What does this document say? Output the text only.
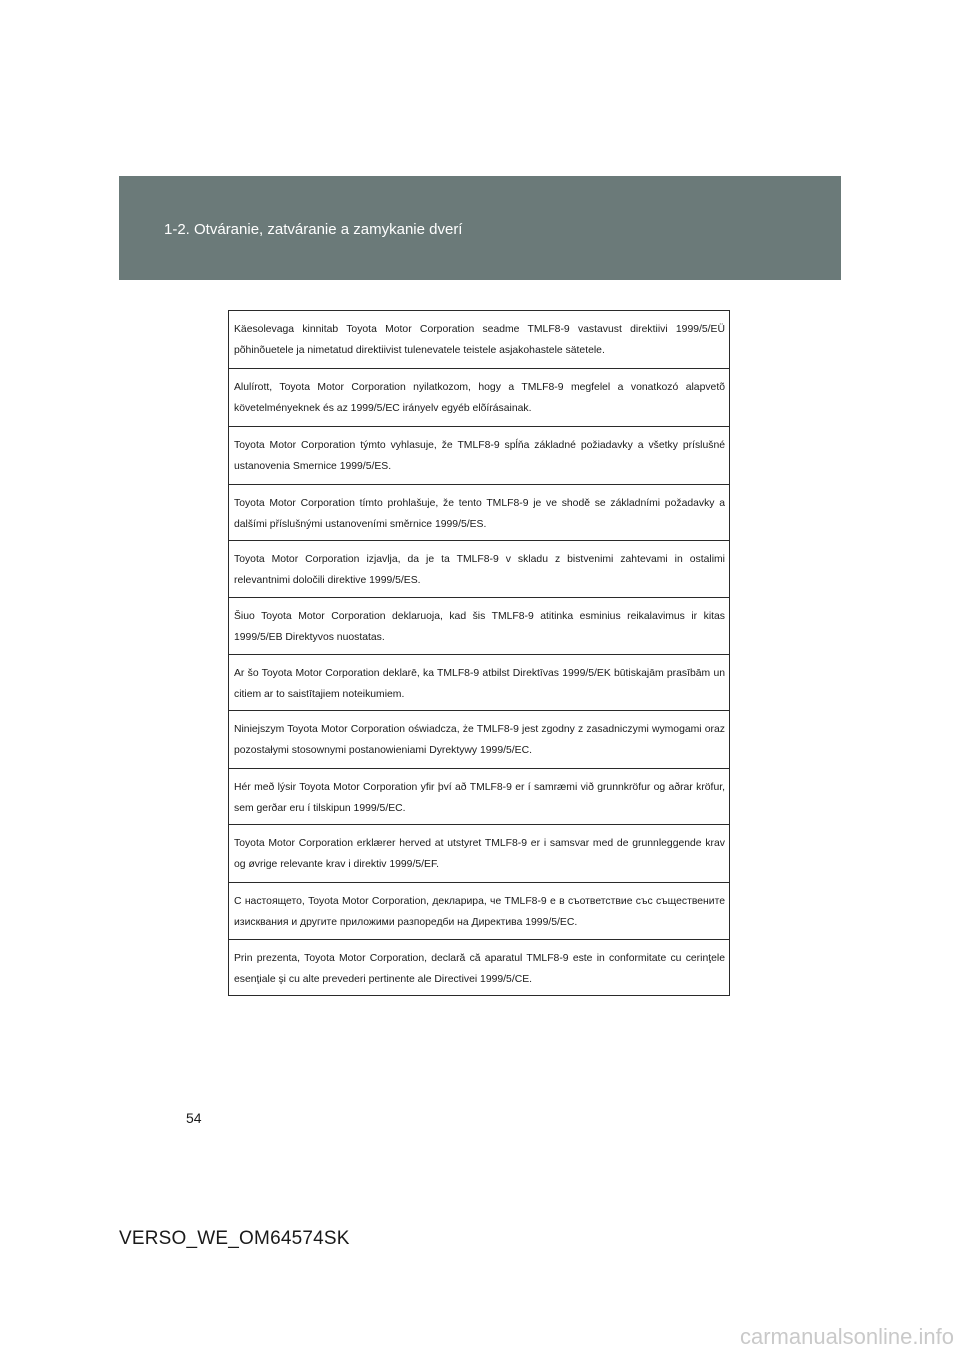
1-2. Otváranie, zatváranie a zamykanie dverí

Käesolevaga kinnitab Toyota Motor Corporation seadme TMLF8-9 vastavust direktiivi 1999/5/EÜ põhinõuetele ja nimetatud direktiivist tulenevatele teistele asjakohastele sätetele.

Alulírott, Toyota Motor Corporation nyilatkozom, hogy a TMLF8-9 megfelel a vonatkozó alapvetõ követelményeknek és az 1999/5/EC irányelv egyéb elõírásainak.

Toyota Motor Corporation týmto vyhlasuje, že TMLF8-9 spĺňa základné požiadavky a všetky príslušné ustanovenia Smernice 1999/5/ES.

Toyota Motor Corporation tímto prohlašuje, že tento TMLF8-9 je ve shodě se základními požadavky a dalšími příslušnými ustanoveními směrnice 1999/5/ES.

Toyota Motor Corporation izjavlja, da je ta TMLF8-9 v skladu z bistvenimi zahtevami in ostalimi relevantnimi določili direktive 1999/5/ES.

Šiuo Toyota Motor Corporation deklaruoja, kad šis TMLF8-9 atitinka esminius reikalavimus ir kitas 1999/5/EB Direktyvos nuostatas.

Ar šo Toyota Motor Corporation deklarē, ka TMLF8-9 atbilst Direktīvas 1999/5/EK būtiskajām prasībām un citiem ar to saistītajiem noteikumiem.

Niniejszym Toyota Motor Corporation oświadcza, że TMLF8-9 jest zgodny z zasadniczymi wymogami oraz pozostałymi stosownymi postanowieniami Dyrektywy 1999/5/EC.

Hér með lýsir Toyota Motor Corporation yfir því að TMLF8-9 er í samræmi við grunnkröfur og aðrar kröfur, sem gerðar eru í tilskipun 1999/5/EC.

Toyota Motor Corporation erklærer herved at utstyret TMLF8-9 er i samsvar med de grunnleggende krav og øvrige relevante krav i direktiv 1999/5/EF.

С настоящето, Toyota Motor Corporation, декларира, че TMLF8-9 е в съответствие със съществените изисквания и другите приложими разпоредби на Директива 1999/5/EC.

Prin prezenta, Toyota Motor Corporation, declară că aparatul TMLF8-9 este in conformitate cu cerinţele esenţiale şi cu alte prevederi pertinente ale Directivei 1999/5/CE.

54
VERSO_WE_OM64574SK
carmanualsonline.info
